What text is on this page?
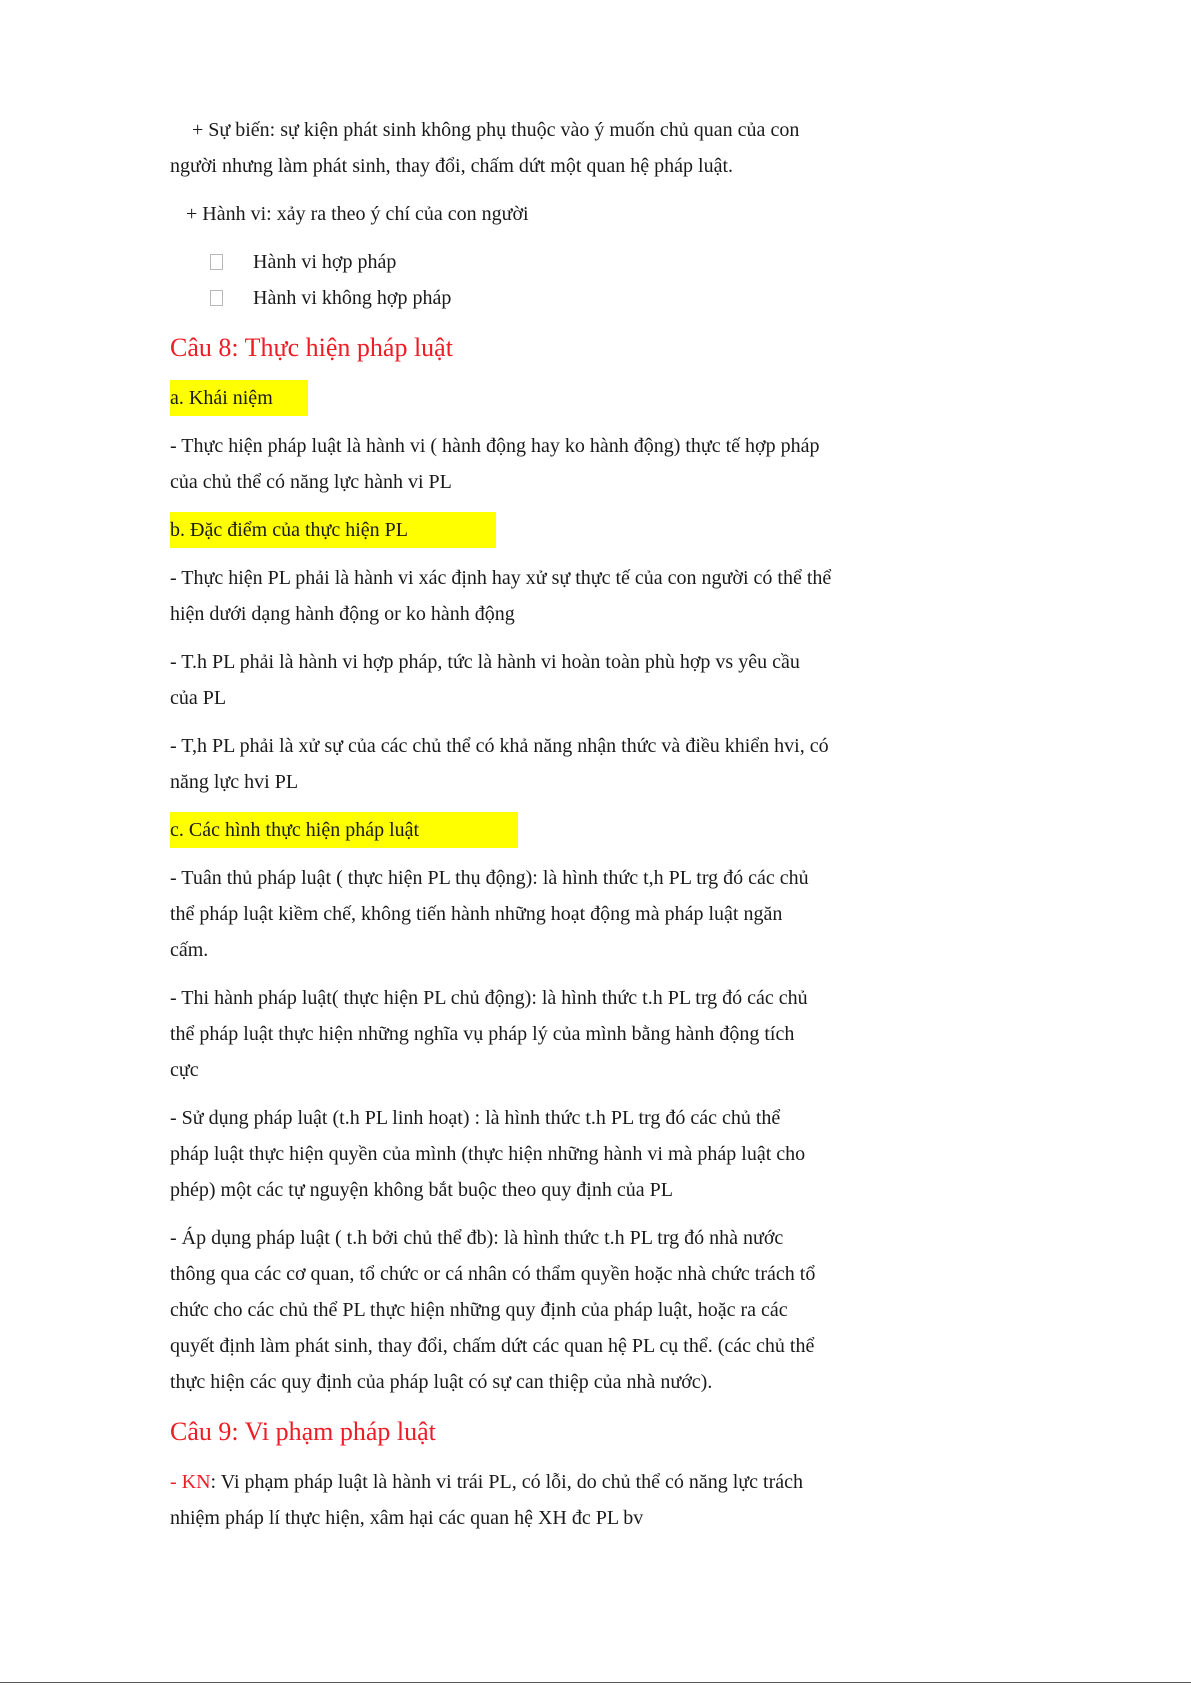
+ Sự biến: sự kiện phát sinh không phụ thuộc vào ý muốn chủ quan của con

người nhưng làm phát sinh, thay đổi, chấm dứt một quan hệ pháp luật.

+ Hành vi: xảy ra theo ý chí của con người

Hành vi hợp pháp
Hành vi không hợp pháp
Câu 8: Thực hiện pháp luật
a. Khái niệm

- Thực hiện pháp luật là hành vi ( hành động hay ko hành động) thực tế hợp pháp

của chủ thể có năng lực hành vi PL

b. Đặc điểm của thực hiện PL

- Thực hiện PL phải là hành vi xác định hay xử sự thực tế của con người có thể thể

hiện dưới dạng hành động or ko hành động

- T.h PL phải là hành vi hợp pháp, tức là hành vi hoàn toàn phù hợp vs yêu cầu

của PL

- T,h PL phải là xử sự của các chủ thể có khả năng nhận thức và điều khiển hvi, có

năng lực hvi PL

c. Các hình thực hiện pháp luật

- Tuân thủ pháp luật ( thực hiện PL thụ động): là hình thức t,h PL trg đó các chủ

thể pháp luật kiềm chế, không tiến hành những hoạt động mà pháp luật ngăn

cấm.

- Thi hành pháp luật( thực hiện PL chủ động): là hình thức t.h PL trg đó các chủ

thể pháp luật thực hiện những nghĩa vụ pháp lý của mình bằng hành động tích

cực

- Sử dụng pháp luật (t.h PL linh hoạt) : là hình thức t.h PL trg đó các chủ thể

pháp luật thực hiện quyền của mình (thực hiện những hành vi mà pháp luật cho

phép) một các tự nguyện không bắt buộc theo quy định của PL

- Áp dụng pháp luật ( t.h bởi chủ thể đb): là hình thức t.h PL trg đó nhà nước

thông qua các cơ quan, tổ chức or cá nhân có thẩm quyền hoặc nhà chức trách tổ

chức cho các chủ thể PL thực hiện những quy định của pháp luật, hoặc ra các

quyết định làm phát sinh, thay đổi, chấm dứt các quan hệ PL cụ thể. (các chủ thể

thực hiện các quy định của pháp luật có sự can thiệp của nhà nước).

Câu 9: Vi phạm pháp luật

- KN: Vi phạm pháp luật là hành vi trái PL, có lỗi, do chủ thể có năng lực trách

nhiệm pháp lí thực hiện, xâm hại các quan hệ XH đc PL bv
